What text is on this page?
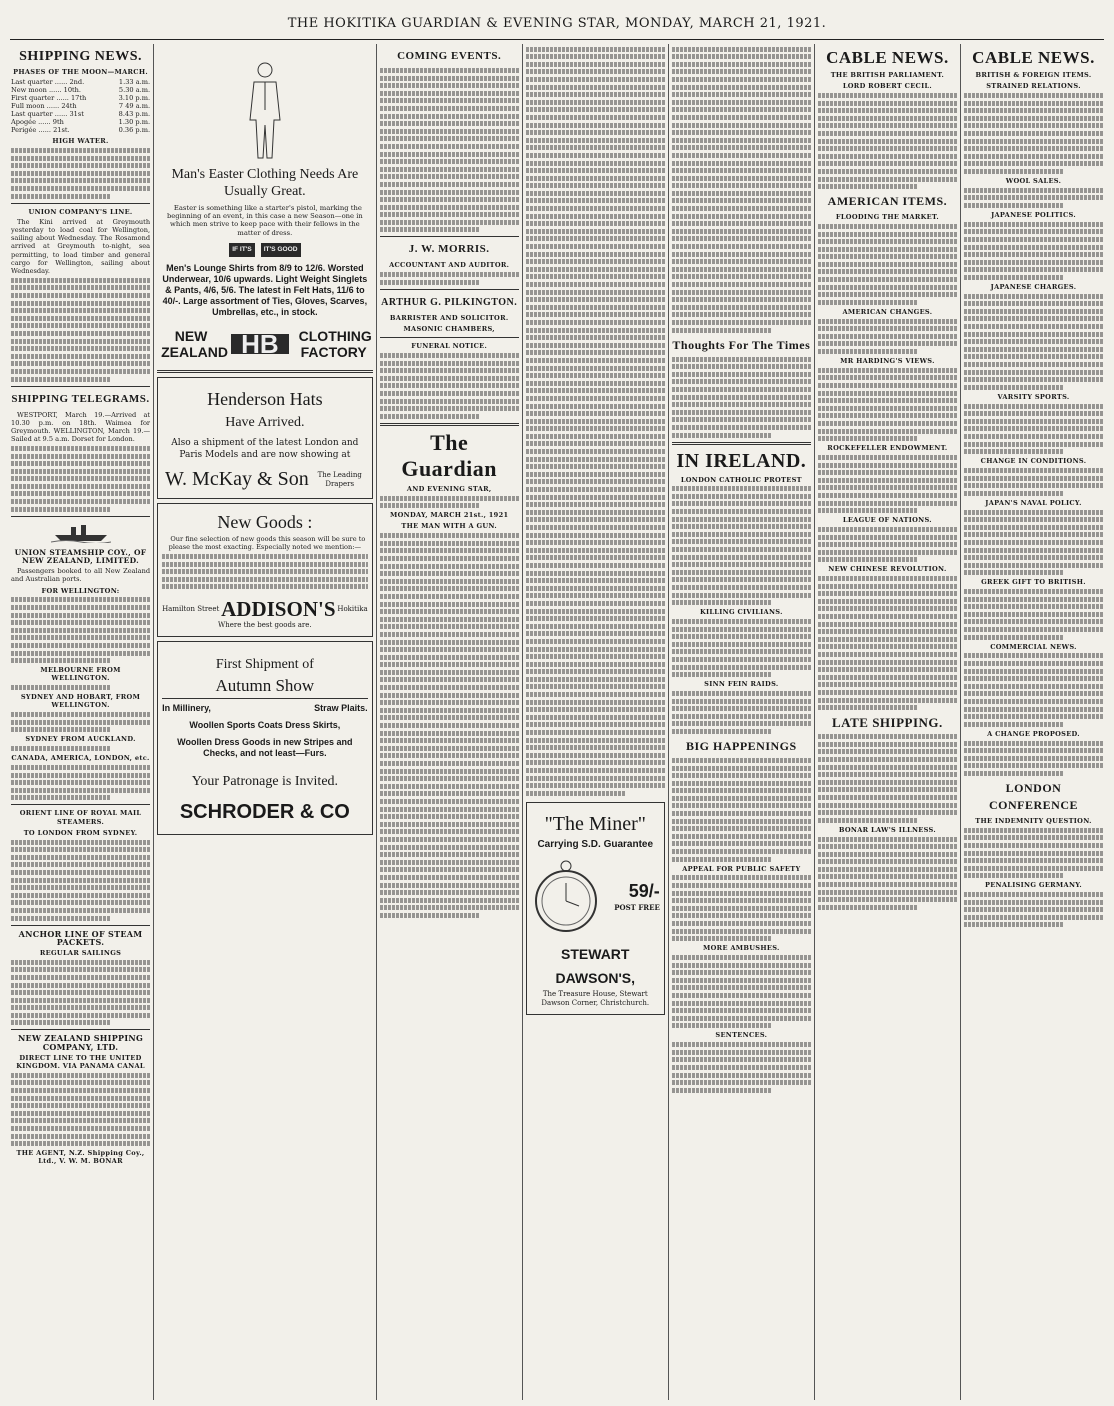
THE HOKITIKA GUARDIAN & EVENING STAR, MONDAY, MARCH 21, 1921.
SHIPPING NEWS.
PHASES OF THE MOON—MARCH.
Last quarter ...... 2nd.	1.33 a.m.
New moon ...... 10th.	5.30 a.m.
First quarter ...... 17th	3.10 p.m.
Full moon ...... 24th	7 49 a.m.
Last quarter ...... 31st	8.43 p.m.
Apogée ...... 9th	1.30 p.m.
Perigée ...... 21st.	0.36 p.m.
HIGH WATER.
UNION COMPANY'S LINE.

The Kini arrived at Greymouth yesterday to load coal for Wellington, sailing about Wednesday. The Rosamond arrived at Greymouth to-night, sea permitting, to load timber and general cargo for Wellington, sailing about Wednesday.

SHIPPING TELEGRAMS.

WESTPORT, March 19.—Arrived at 10.30 p.m. on 18th. Waimea for Greymouth. WELLINGTON, March 19.—Sailed at 9.5 a.m. Dorset for London.

UNION STEAMSHIP COY., OF NEW ZEALAND, LIMITED.

Passengers booked to all New Zealand and Australian ports.

FOR WELLINGTON:
MELBOURNE FROM WELLINGTON.
SYDNEY AND HOBART, FROM WELLINGTON.
SYDNEY FROM AUCKLAND.
CANADA, AMERICA, LONDON, etc.
ORIENT LINE OF ROYAL MAIL STEAMERS.
TO LONDON FROM SYDNEY.
ANCHOR LINE OF STEAM PACKETS.
REGULAR SAILINGS
NEW ZEALAND SHIPPING COMPANY, LTD.
DIRECT LINE TO THE UNITED KINGDOM. VIA PANAMA CANAL
THE AGENT, N.Z. Shipping Coy., Ltd., V. W. M. BONAR
Man's Easter Clothing Needs Are Usually Great.

Easter is something like a starter's pistol, marking the beginning of an event, in this case a new Season—one in which men strive to keep pace with their fellows in the matter of dress.

IF IT'S	IT'S GOOD
Men's Lounge Shirts from 8/9 to 12/6. Worsted Underwear, 10/6 upwards. Light Weight Singlets & Pants, 4/6, 5/6. The latest in Felt Hats, 11/6 to 40/-. Large assortment of Ties, Gloves, Scarves, Umbrellas, etc., in stock.
NEW ZEALAND HB	CLOTHING FACTORY
Henderson Hats
Have Arrived.
Also a shipment of the latest London and Paris Models and are now showing at
W. McKay & Son	The Leading Drapers
New Goods :

Our fine selection of new goods this season will be sure to please the most exacting. Especially noted we mention:—

Hamilton Street ADDISON'S Hokitika
Where the best goods are.
First Shipment of
Autumn Show
In Millinery,	Straw Plaits.
Woollen Sports Coats Dress Skirts,
Woollen Dress Goods in new Stripes and Checks, and not least—Furs.
Your Patronage is Invited.
SCHRODER & CO
COMING EVENTS.
J. W. MORRIS.
ACCOUNTANT AND AUDITOR.
ARTHUR G. PILKINGTON.
BARRISTER AND SOLICITOR.
MASONIC CHAMBERS,
FUNERAL NOTICE.
The Guardian
AND EVENING STAR,
MONDAY, MARCH 21st., 1921
THE MAN WITH A GUN.
"The Miner"
Carrying S.D. Guarantee
59/-
POST FREE
STEWART DAWSON'S,
The Treasure House, Stewart Dawson Corner, Christchurch.
Thoughts For The Times
IN IRELAND.
LONDON CATHOLIC PROTEST
KILLING CIVILIANS.
SINN FEIN RAIDS.
BIG HAPPENINGS
APPEAL FOR PUBLIC SAFETY
MORE AMBUSHES.
SENTENCES.
CABLE NEWS.
THE BRITISH PARLIAMENT.
LORD ROBERT CECIL.
AMERICAN ITEMS.
FLOODING THE MARKET.
AMERICAN CHANGES.
MR HARDING'S VIEWS.
ROCKEFELLER ENDOWMENT.
LEAGUE OF NATIONS.
NEW CHINESE REVOLUTION.
LATE SHIPPING.
BONAR LAW'S ILLNESS.
CABLE NEWS.
BRITISH & FOREIGN ITEMS.
STRAINED RELATIONS.
WOOL SALES.
JAPANESE POLITICS.
JAPANESE CHARGES.
VARSITY SPORTS.
CHANGE IN CONDITIONS.
JAPAN'S NAVAL POLICY.
GREEK GIFT TO BRITISH.
COMMERCIAL NEWS.
A CHANGE PROPOSED.
LONDON CONFERENCE
THE INDEMNITY QUESTION.
PENALISING GERMANY.
